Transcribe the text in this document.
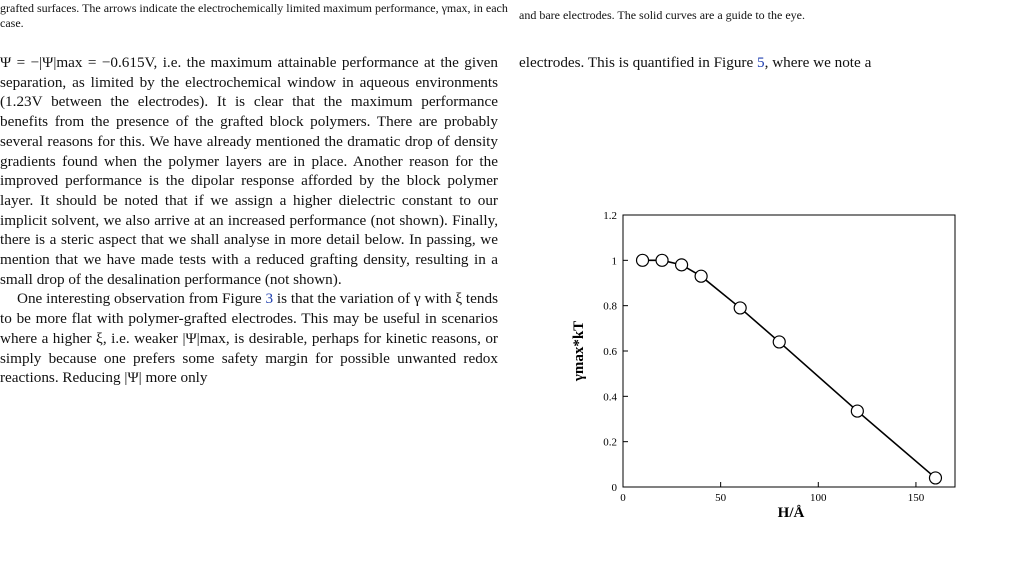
grafted surfaces. The arrows indicate the electrochemically limited maximum performance, γmax, in each case.

and bare electrodes. The solid curves are a guide to the eye.

Ψ = −|Ψ|max = −0.615V, i.e. the maximum attainable performance at the given separation, as limited by the electrochemical window in aqueous environments (1.23V between the electrodes). It is clear that the maximum performance benefits from the presence of the grafted block polymers. There are probably several reasons for this. We have already mentioned the dramatic drop of density gradients found when the polymer layers are in place. Another reason for the improved performance is the dipolar response afforded by the block polymer layer. It should be noted that if we assign a higher dielectric constant to our implicit solvent, we also arrive at an increased performance (not shown). Finally, there is a steric aspect that we shall analyse in more detail below. In passing, we mention that we have made tests with a reduced grafting density, resulting in a small drop of the desalination performance (not shown).

One interesting observation from Figure 3 is that the variation of γ with ξ tends to be more flat with polymer-grafted electrodes. This may be useful in scenarios where a higher ξ, i.e. weaker |Ψ|max, is desirable, perhaps for kinetic reasons, or simply because one prefers some safety margin for possible unwanted redox reactions. Reducing |Ψ| more only

electrodes. This is quantified in Figure 5, where we note a

0
0.2
0.4
0.6
0.8
1
1.2
0	50	100	150
H/Å
γmax*kT
